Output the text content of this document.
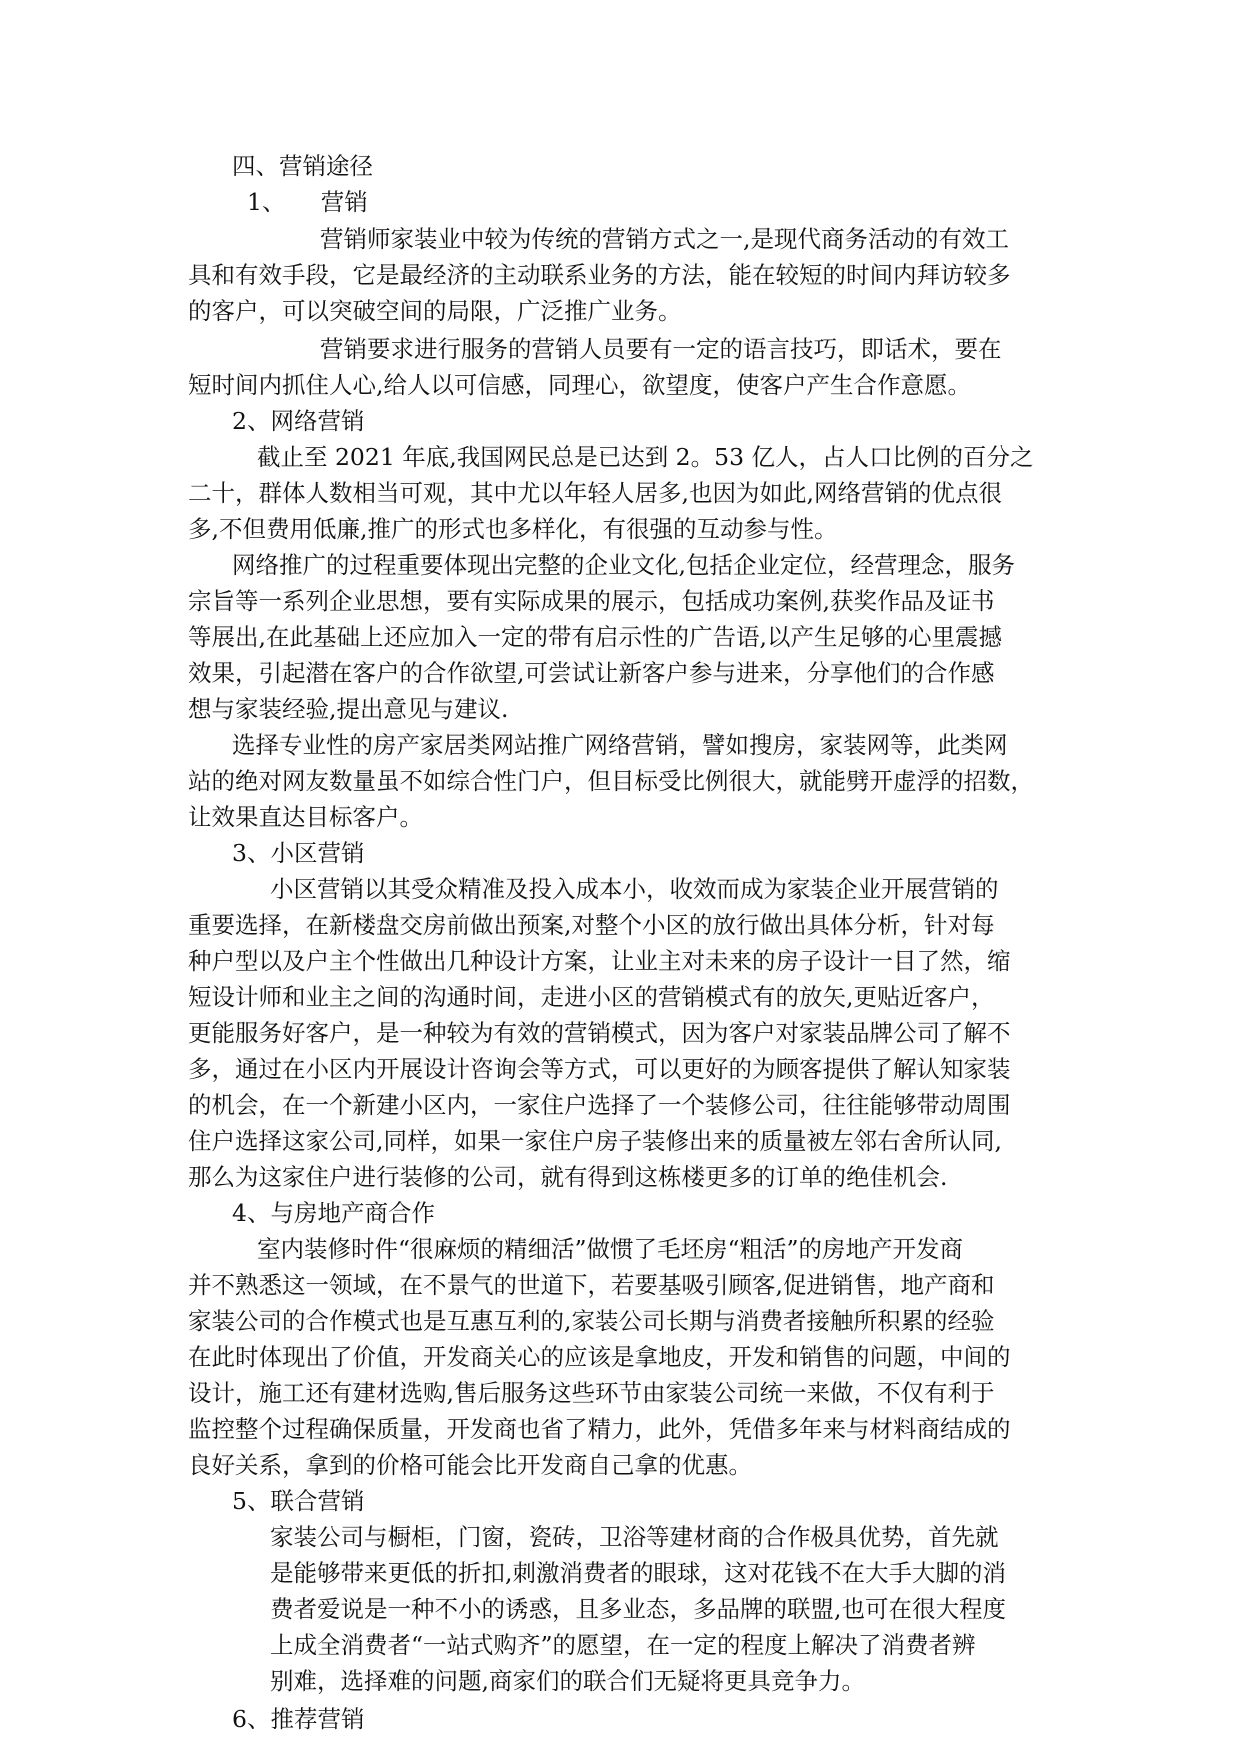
四、营销途径
1、　　营销
营销师家装业中较为传统的营销方式之一,是现代商务活动的有效工
具和有效手段，它是最经济的主动联系业务的方法，能在较短的时间内拜访较多
的客户，可以突破空间的局限，广泛推广业务。
营销要求进行服务的营销人员要有一定的语言技巧，即话术，要在
短时间内抓住人心,给人以可信感，同理心，欲望度，使客户产生合作意愿。
2、网络营销
截止至 2021 年底,我国网民总是已达到 2。53 亿人，占人口比例的百分之
二十，群体人数相当可观，其中尤以年轻人居多,也因为如此,网络营销的优点很
多,不但费用低廉,推广的形式也多样化，有很强的互动参与性。
网络推广的过程重要体现出完整的企业文化,包括企业定位，经营理念，服务
宗旨等一系列企业思想，要有实际成果的展示，包括成功案例,获奖作品及证书
等展出,在此基础上还应加入一定的带有启示性的广告语,以产生足够的心里震撼
效果，引起潜在客户的合作欲望,可尝试让新客户参与进来，分享他们的合作感
想与家装经验,提出意见与建议.
选择专业性的房产家居类网站推广网络营销，譬如搜房，家装网等，此类网
站的绝对网友数量虽不如综合性门户，但目标受比例很大，就能劈开虚浮的招数，
让效果直达目标客户。
3、小区营销
小区营销以其受众精准及投入成本小，收效而成为家装企业开展营销的
重要选择，在新楼盘交房前做出预案,对整个小区的放行做出具体分析，针对每
种户型以及户主个性做出几种设计方案，让业主对未来的房子设计一目了然，缩
短设计师和业主之间的沟通时间，走进小区的营销模式有的放矢,更贴近客户，
更能服务好客户，是一种较为有效的营销模式，因为客户对家装品牌公司了解不
多，通过在小区内开展设计咨询会等方式，可以更好的为顾客提供了解认知家装
的机会，在一个新建小区内，一家住户选择了一个装修公司，往往能够带动周围
住户选择这家公司,同样，如果一家住户房子装修出来的质量被左邻右舍所认同,
那么为这家住户进行装修的公司，就有得到这栋楼更多的订单的绝佳机会.
4、与房地产商合作
室内装修时件“很麻烦的精细活”做惯了毛坯房“粗活”的房地产开发商
并不熟悉这一领域，在不景气的世道下，若要基吸引顾客,促进销售，地产商和
家装公司的合作模式也是互惠互利的,家装公司长期与消费者接触所积累的经验
在此时体现出了价值，开发商关心的应该是拿地皮，开发和销售的问题，中间的
设计，施工还有建材选购,售后服务这些环节由家装公司统一来做，不仅有利于
监控整个过程确保质量，开发商也省了精力，此外，凭借多年来与材料商结成的
良好关系，拿到的价格可能会比开发商自己拿的优惠。
5、联合营销
家装公司与橱柜，门窗，瓷砖，卫浴等建材商的合作极具优势，首先就
是能够带来更低的折扣,刺激消费者的眼球，这对花钱不在大手大脚的消
费者爱说是一种不小的诱惑，且多业态，多品牌的联盟,也可在很大程度
上成全消费者“一站式购齐”的愿望，在一定的程度上解决了消费者辨
别难，选择难的问题,商家们的联合们无疑将更具竞争力。
6、推荐营销
